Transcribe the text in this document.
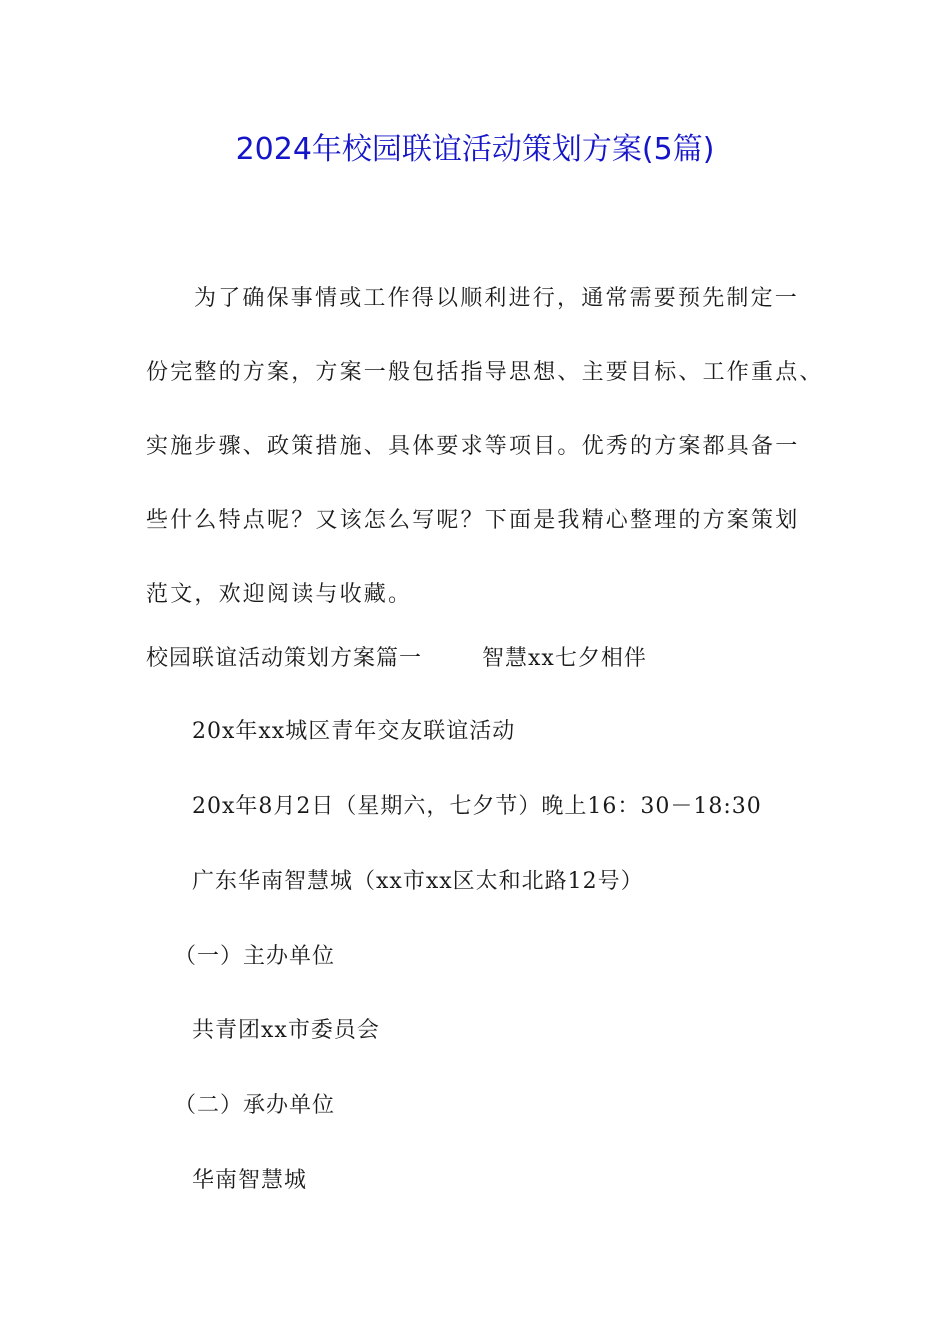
2024年校园联谊活动策划方案(5篇)
为了确保事情或工作得以顺利进行，通常需要预先制定一
份完整的方案，方案一般包括指导思想、主要目标、工作重点、
实施步骤、政策措施、具体要求等项目。优秀的方案都具备一
些什么特点呢？又该怎么写呢？下面是我精心整理的方案策划
范文，欢迎阅读与收藏。
校园联谊活动策划方案篇一	智慧xx七夕相伴
20x年xx城区青年交友联谊活动
20x年8月2日（星期六，七夕节）晚上16：30－18:30
广东华南智慧城（xx市xx区太和北路12号）
（一）主办单位
共青团xx市委员会
（二）承办单位
华南智慧城
